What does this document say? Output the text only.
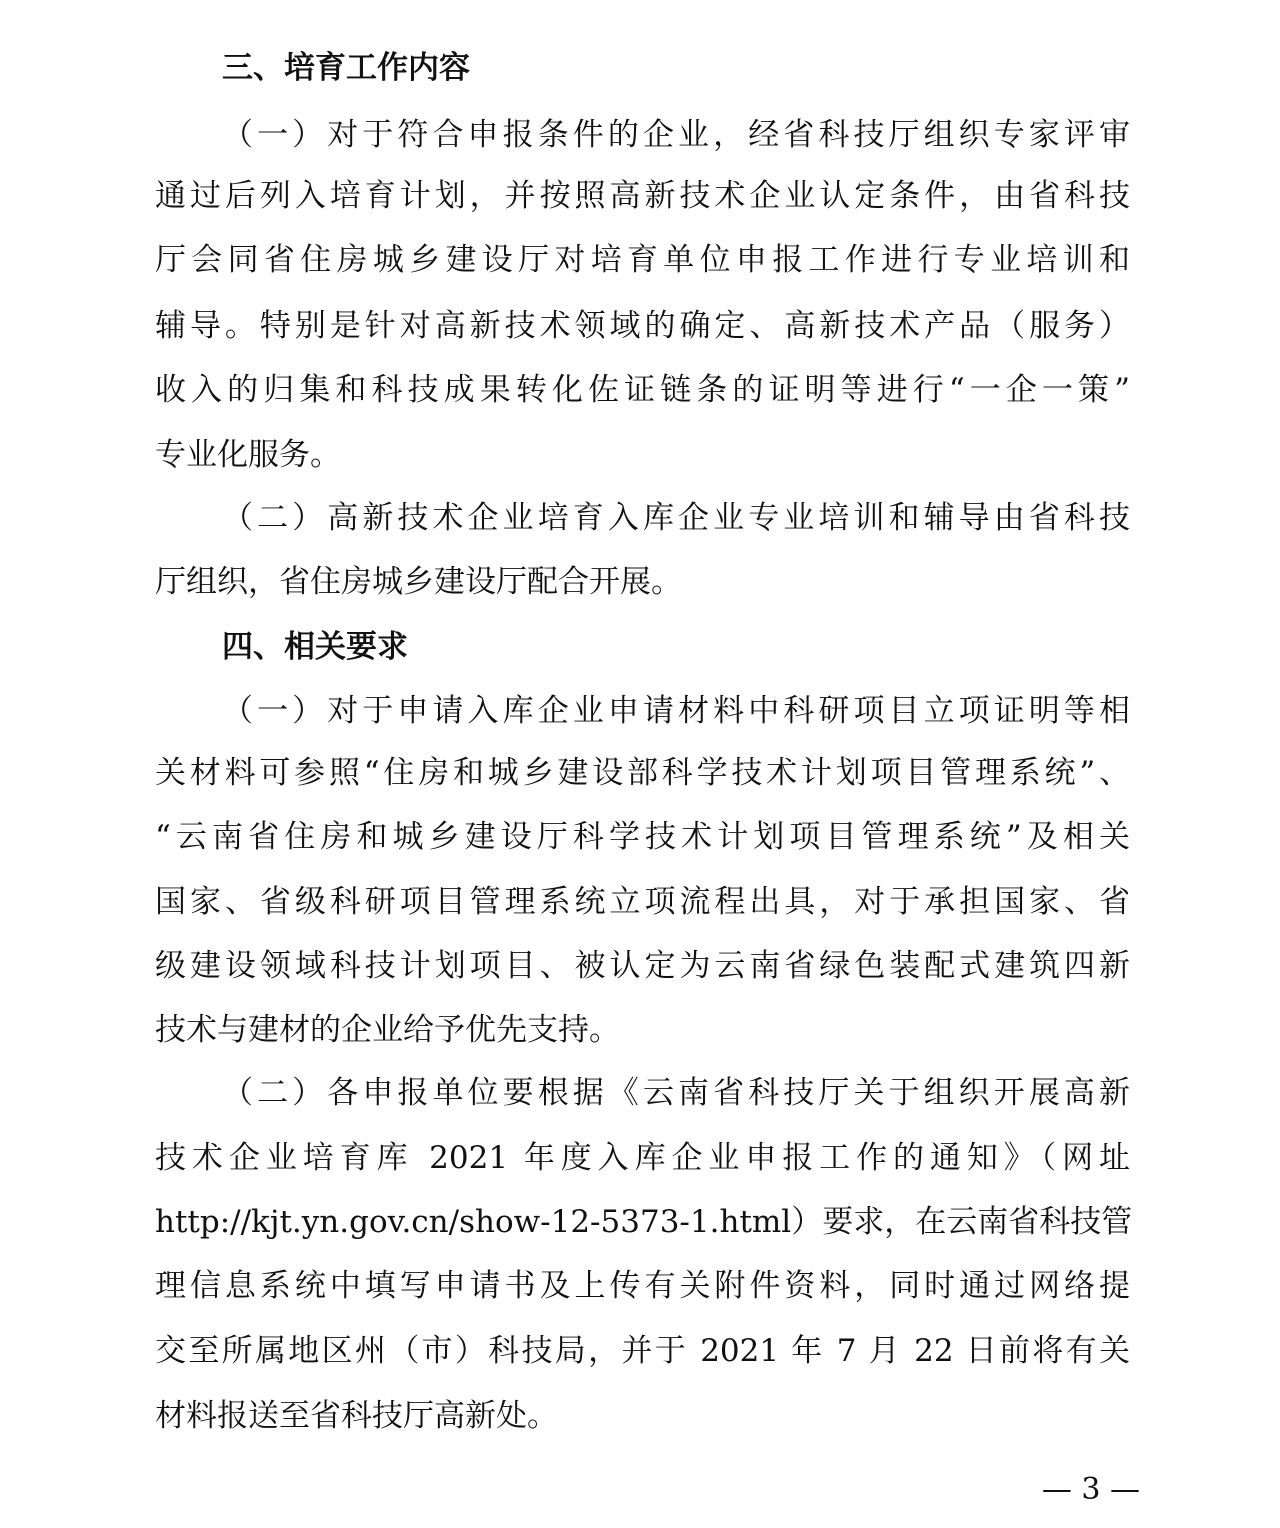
三、培育工作内容
（一）对于符合申报条件的企业，经省科技厅组织专家评审
通过后列入培育计划，并按照高新技术企业认定条件，由省科技
厅会同省住房城乡建设厅对培育单位申报工作进行专业培训和
辅导。特别是针对高新技术领域的确定、高新技术产品（服务）
收入的归集和科技成果转化佐证链条的证明等进行“一企一策”
专业化服务。
（二）高新技术企业培育入库企业专业培训和辅导由省科技
厅组织，省住房城乡建设厅配合开展。
四、相关要求
（一）对于申请入库企业申请材料中科研项目立项证明等相
关材料可参照“住房和城乡建设部科学技术计划项目管理系统”、
“云南省住房和城乡建设厅科学技术计划项目管理系统”及相关
国家、省级科研项目管理系统立项流程出具，对于承担国家、省
级建设领域科技计划项目、被认定为云南省绿色装配式建筑四新
技术与建材的企业给予优先支持。
（二）各申报单位要根据《云南省科技厅关于组织开展高新
技术企业培育库 2021 年度入库企业申报工作的通知》（网址
http://kjt.yn.gov.cn/show-12-5373-1.html）要求，在云南省科技管
理信息系统中填写申请书及上传有关附件资料，同时通过网络提
交至所属地区州（市）科技局，并于 2021 年 7 月 22 日前将有关
材料报送至省科技厅高新处。
— 3 —
